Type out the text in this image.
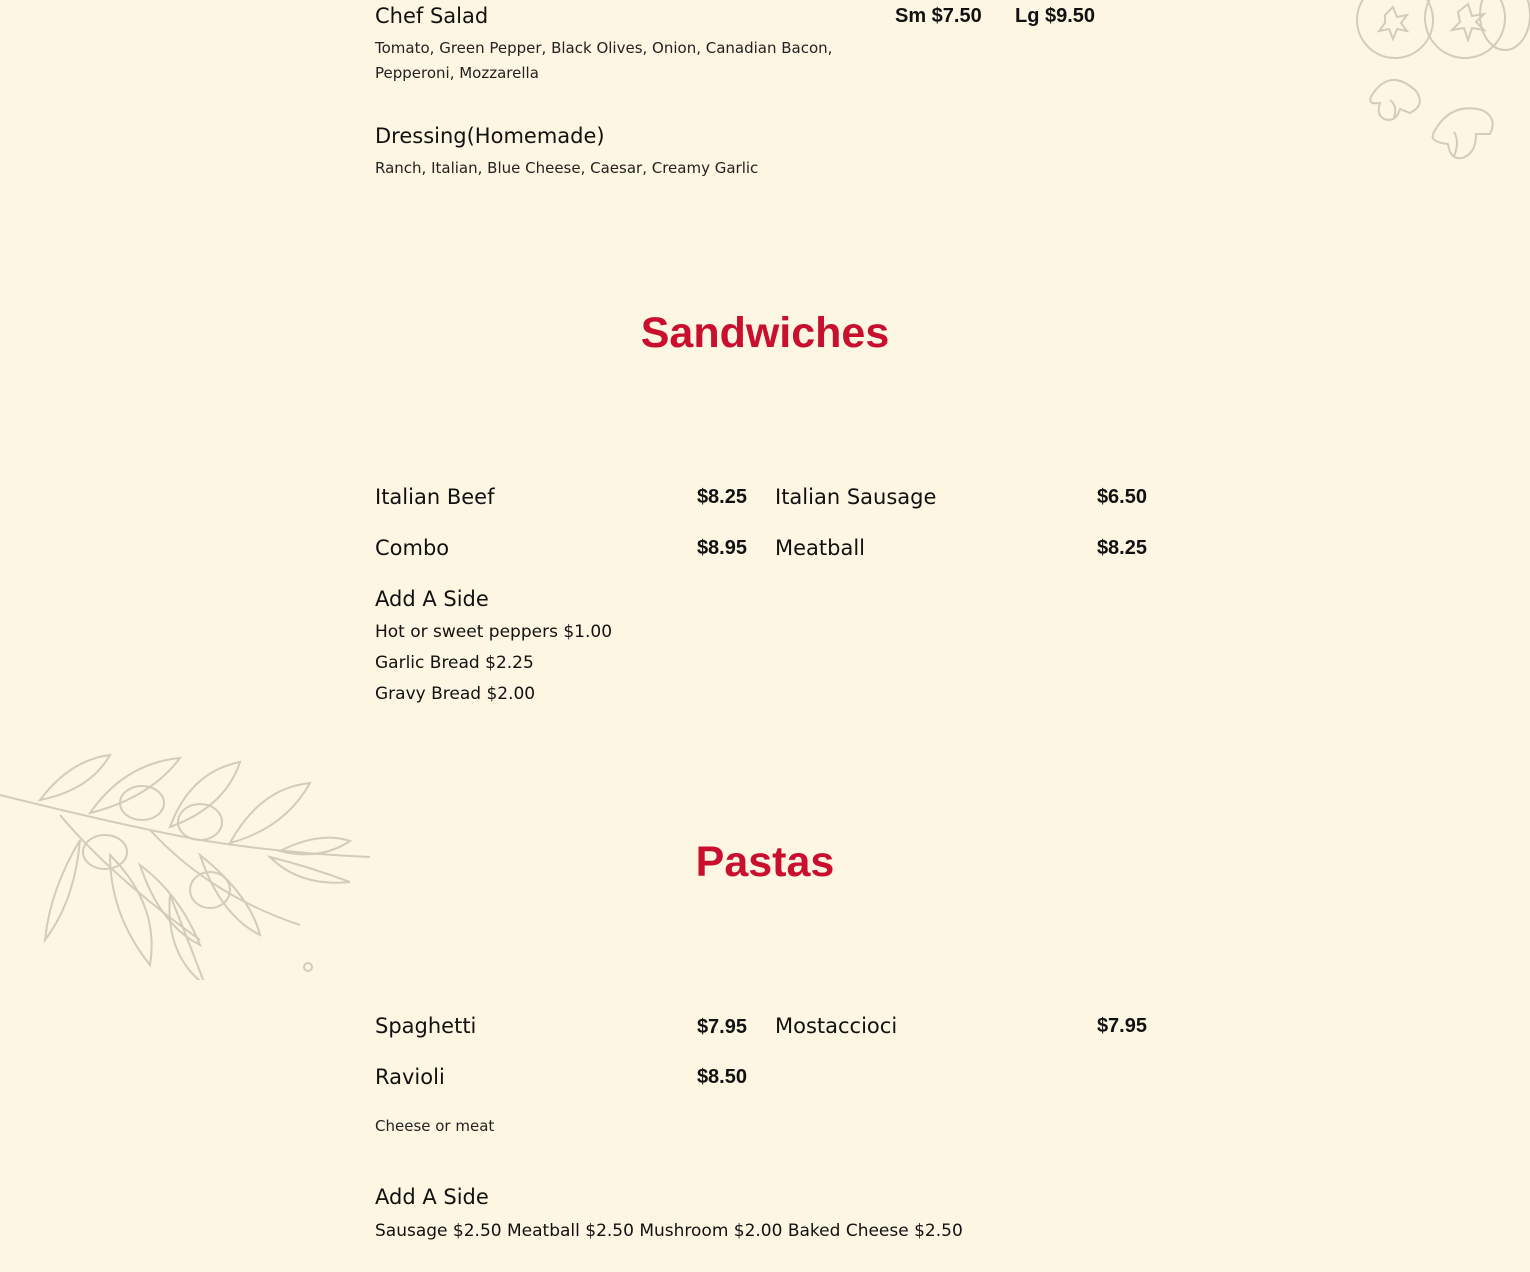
Chef Salad	Sm $7.50 Lg $9.50
Tomato, Green Pepper, Black Olives, Onion, Canadian Bacon, Pepperoni, Mozzarella
Dressing(Homemade)
Ranch, Italian, Blue Cheese, Caesar, Creamy Garlic
Sandwiches
Italian Beef	$8.25 Italian Sausage	$6.50
Combo	$8.95 Meatball	$8.25
Add A Side
Hot or sweet peppers $1.00
Garlic Bread $2.25
Gravy Bread $2.00
Pastas
Spaghetti	$7.95 Mostaccioci	$7.95
Ravioli	$8.50
Cheese or meat
Add A Side
Sausage $2.50 Meatball $2.50 Mushroom $2.00 Baked Cheese $2.50
